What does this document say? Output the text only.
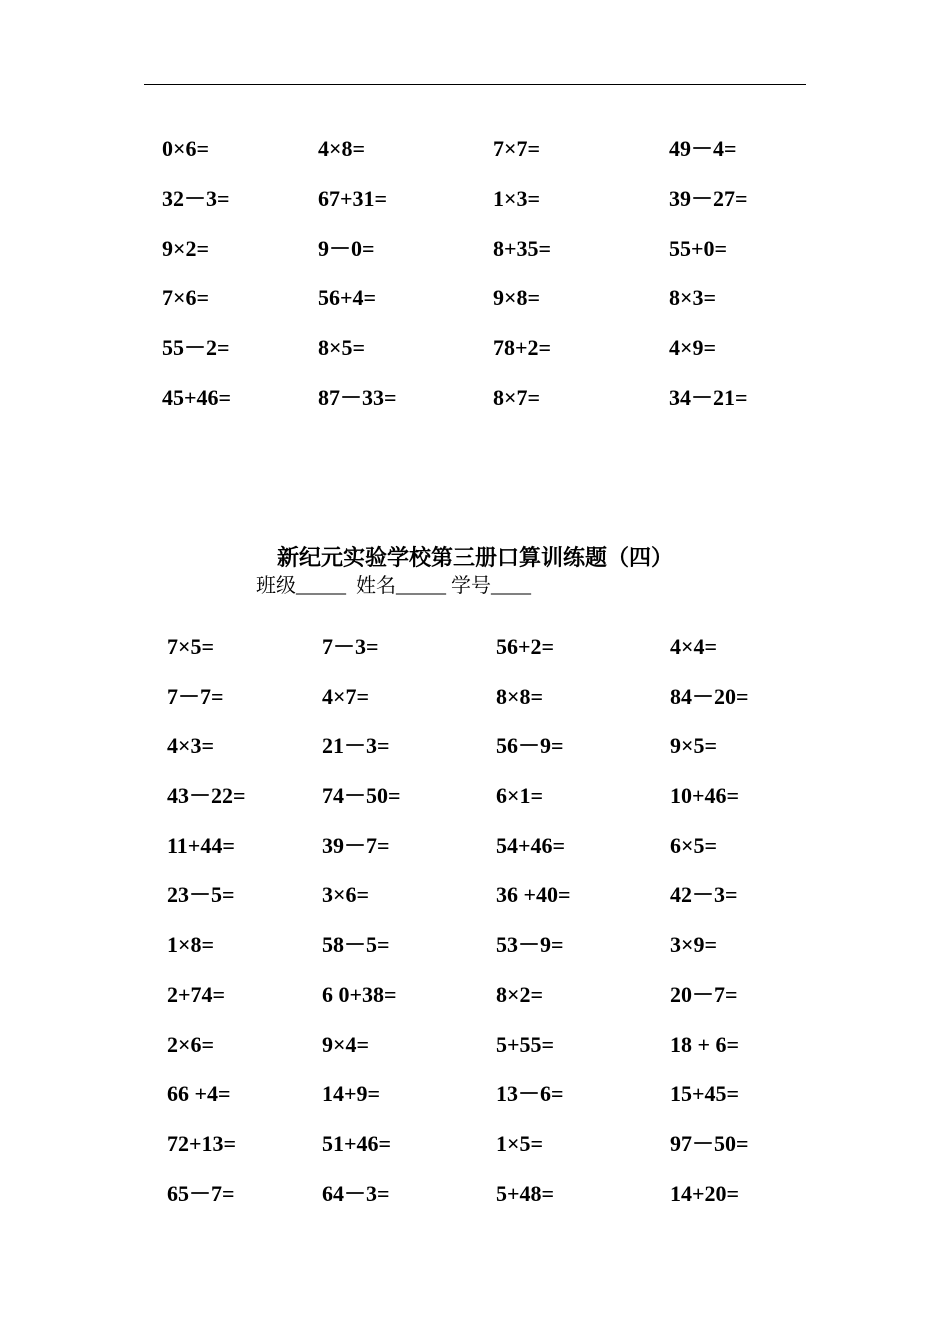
0×6=	4×8=	7×7=	49－4=
32－3=	67+31=	1×3=	39－27=
9×2=	9－0=	8+35=	55+0=
7×6=	56+4=	9×8=	8×3=
55－2=	8×5=	78+2=	4×9=
45+46=	87－33=	8×7=	34－21=
新纪元实验学校第三册口算训练题（四）
班级_____  姓名_____ 学号____
7×5=	7－3=	56+2=	4×4=
7－7=	4×7=	8×8=	84－20=
4×3=	21－3=	56－9=	9×5=
43－22=	74－50=	6×1=	10+46=
11+44=	39－7=	54+46=	6×5=
23－5=	3×6=	36 +40=	42－3=
1×8=	58－5=	53－9=	3×9=
2+74=	6 0+38=	8×2=	20－7=
2×6=	9×4=	5+55=	18 + 6=
66 +4=	14+9=	13－6=	15+45=
72+13=	51+46=	1×5=	97－50=
65－7=	64－3=	5+48=	14+20=
